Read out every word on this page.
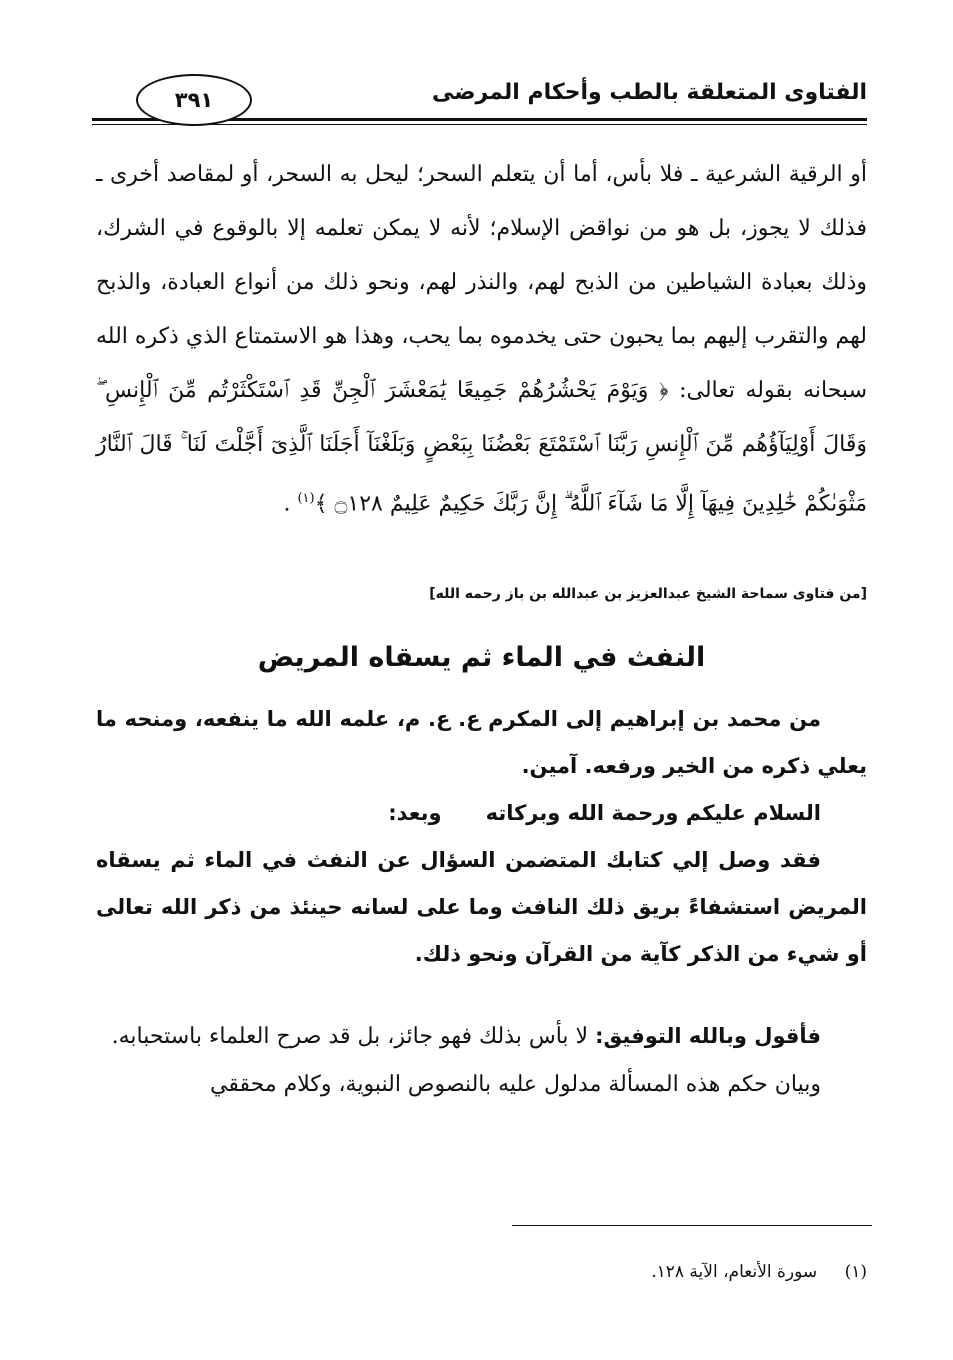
الفتاوى المتعلقة بالطب وأحكام المرضى
٣٩١
أو الرقية الشرعية ـ فلا بأس، أما أن يتعلم السحر؛ ليحل به السحر، أو لمقاصد أخرى ـ فذلك لا يجوز، بل هو من نواقض الإسلام؛ لأنه لا يمكن تعلمه إلا بالوقوع في الشرك، وذلك بعبادة الشياطين من الذبح لهم، والنذر لهم، ونحو ذلك من أنواع العبادة، والذبح لهم والتقرب إليهم بما يحبون حتى يخدموه بما يحب، وهذا هو الاستمتاع الذي ذكره الله سبحانه بقوله تعالى: ﴿ وَيَوْمَ يَحْشُرُهُمْ جَمِيعًا يَٰمَعْشَرَ ٱلْجِنِّ قَدِ ٱسْتَكْثَرْتُم مِّنَ ٱلْإِنسِ ۖ وَقَالَ أَوْلِيَآؤُهُم مِّنَ ٱلْإِنسِ رَبَّنَا ٱسْتَمْتَعَ بَعْضُنَا بِبَعْضٍ وَبَلَغْنَآ أَجَلَنَا ٱلَّذِىٓ أَجَّلْتَ لَنَا ۚ قَالَ ٱلنَّارُ مَثْوَىٰكُمْ خَٰلِدِينَ فِيهَآ إِلَّا مَا شَآءَ ٱللَّهُ ۗ إِنَّ رَبَّكَ حَكِيمٌ عَلِيمٌ ۝١٢٨ ﴾$^{(١)}$ .
[من فتاوى سماحة الشيخ عبدالعزيز بن عبدالله بن باز رحمه الله]
النفث في الماء ثم يسقاه المريض

من محمد بن إبراهيم إلى المكرم ع. ع. م، علمه الله ما ينفعه، ومنحه ما يعلي ذكره من الخير ورفعه. آمين.

السلام عليكم ورحمة الله وبركاتهوبعد:

فقد وصل إلي كتابك المتضمن السؤال عن النفث في الماء ثم يسقاه المريض استشفاءً بريق ذلك النافث وما على لسانه حينئذ من ذكر الله تعالى أو شيء من الذكر كآية من القرآن ونحو ذلك.

فأقول وبالله التوفيق: لا بأس بذلك فهو جائز، بل قد صرح العلماء باستحبابه.

وبيان حكم هذه المسألة مدلول عليه بالنصوص النبوية، وكلام محققي

(١) سورة الأنعام، الآية ١٢٨.
